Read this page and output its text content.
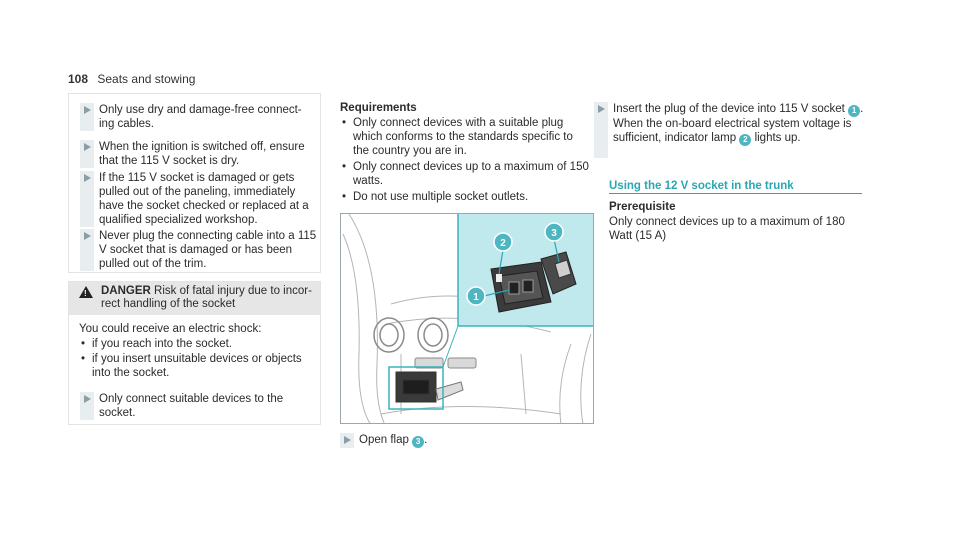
108 Seats and stowing
Only use dry and damage-free connect- ing cables.
When the ignition is switched off, ensure that the 115 V socket is dry.
If the 115 V socket is damaged or gets pulled out of the paneling, immediately have the socket checked or replaced at a qualified specialized workshop.
Never plug the connecting cable into a 115 V socket that is damaged or has been pulled out of the trim.
! DANGER Risk of fatal injury due to incor- rect handling of the socket
You could receive an electric shock:
• if you reach into the socket.
• if you insert unsuitable devices or objects into the socket.
Only connect suitable devices to the socket.
Requirements
• Only connect devices with a suitable plug which conforms to the standards specific to the country you are in.
• Only connect devices up to a maximum of 150 watts.
• Do not use multiple socket outlets.
1
2
3
Open flap 3 .
Insert the plug of the device into 115 V socket 1 . When the on-board electrical system voltage is sufficient, indicator lamp 2 lights up.
Using the 12 V socket in the trunk
Prerequisite
Only connect devices up to a maximum of 180 Watt (15 A)
